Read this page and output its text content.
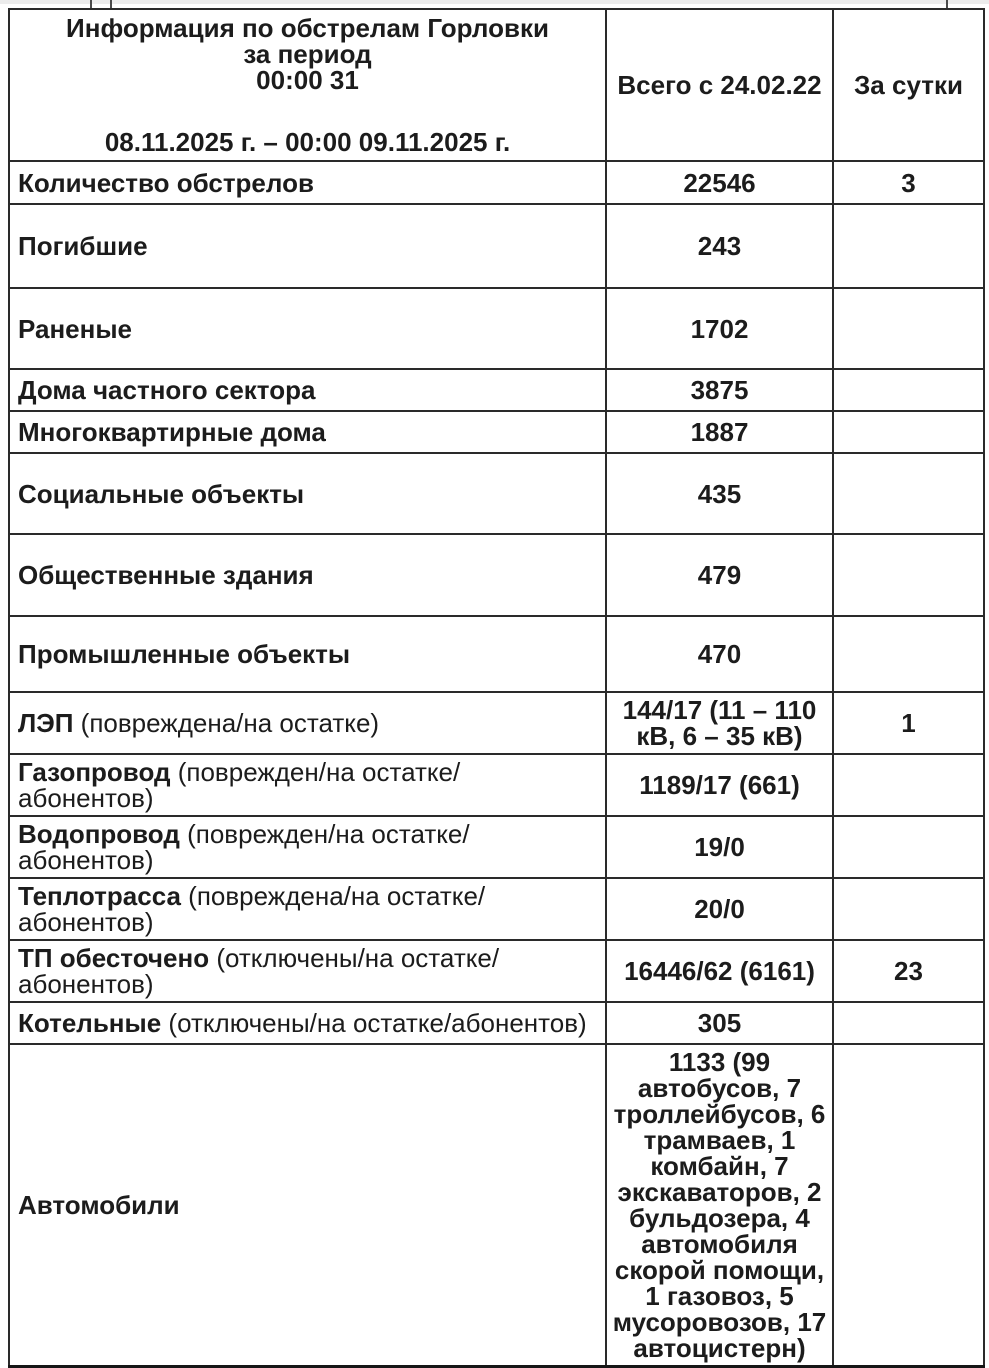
Информация по обстрелам Горловки
за период
00:00 31
08.11.2025 г. – 00:00 09.11.2025 г.	Всего с 24.02.22	За сутки
Количество обстрелов	22546	3
Погибшие	243	
Раненые	1702	
Дома частного сектора	3875	
Многоквартирные дома	1887	
Социальные объекты	435	
Общественные здания	479	
Промышленные объекты	470	
ЛЭП (повреждена/на остатке)	144/17 (11 – 110 кВ, 6 – 35 кВ)	1
Газопровод (поврежден/на остатке/абонентов)	1189/17 (661)	
Водопровод (поврежден/на остатке/абонентов)	19/0	
Теплотрасса (повреждена/на остатке/абонентов)	20/0	
ТП обесточено (отключены/на остатке/абонентов)	16446/62 (6161)	23
Котельные (отключены/на остатке/абонентов)	305	
Автомобили	1133 (99 автобусов, 7 троллейбусов, 6 трамваев, 1 комбайн, 7 экскаваторов, 2 бульдозера, 4 автомобиля скорой помощи, 1 газовоз, 5 мусоровозов, 17 автоцистерн)	
